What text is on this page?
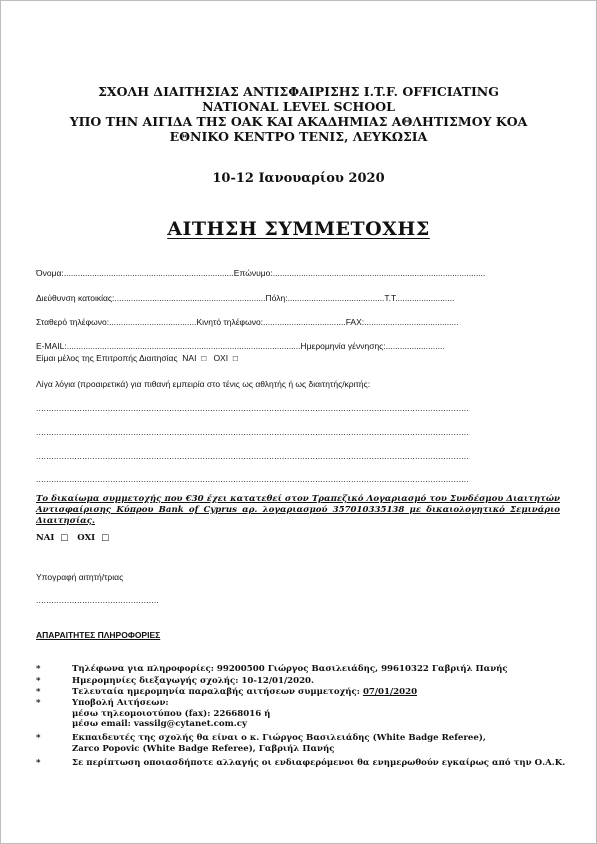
ΣΧΟΛΗ ΔΙΑΙΤΗΣΙΑΣ ΑΝΤΙΣΦΑΙΡΙΣΗΣ I.T.F. OFFICIATING
NATIONAL LEVEL SCHOOL
ΥΠΟ ΤΗΝ ΑΙΓΙΔΑ ΤΗΣ ΟΑΚ ΚΑΙ ΑΚΑΔΗΜΙΑΣ ΑΘΛΗΤΙΣΜΟΥ ΚΟΑ
ΕΘΝΙΚΟ ΚΕΝΤΡΟ ΤΕΝΙΣ, ΛΕΥΚΩΣΙΑ
10-12 Ιανουαρίου 2020
ΑΙΤΗΣΗ ΣΥΜΜΕΤΟΧΗΣ
Όνομα:........................................................................Επώνυμο:..........................................................................................
Διεύθυνση κατοικίας:................................................................Πόλη:.........................................Τ.Τ.........................
Σταθερό τηλέφωνο:.....................................Κινητό τηλέφωνο:...................................FAX:........................................
E-MAIL:...................................................................................................Ημερομηνία γέννησης:.........................
Είμαι μέλος της Επιτροπής Διαιτησίας ΝΑΙ □ ΟΧΙ □
Λίγα λόγια (προαιρετικά) για πιθανή εμπειρία στο τένις ως αθλητής ή ως διαιτητής/κριτής:
.........................................................................................................................................................................
.........................................................................................................................................................................
.........................................................................................................................................................................
.........................................................................................................................................................................
Το δικαίωμα συμμετοχής που €30 έχει κατατεθεί στον Τραπεζικό Λογαριασμό του Συνδέσμου Διαιτητών Αντισφαίρισης Κύπρου Bank of Cyprus αρ. λογαριασμού 357010335138 με δικαιολογητικό Σεμινάριο Διαιτησίας.
ΝΑΙ □ ΟΧΙ □
Υπογραφή αιτητή/τριας
................................................
ΑΠΑΡΑΙΤΗΤΕΣ ΠΛΗΡΟΦΟΡΙΕΣ
*	Τηλέφωνα για πληροφορίες: 99200500 Γιώργος Βασιλειάδης, 99610322 Γαβριήλ Πανής
*	Ημερομηνίες διεξαγωγής σχολής: 10-12/01/2020.
*	Τελευταία ημερομηνία παραλαβής αιτήσεων συμμετοχής: 07/01/2020
*	Υποβολή Αιτήσεων:
μέσω τηλεομοιοτύπου (fax): 22668016 ή
μέσω email: vassilg@cytanet.com.cy
*	Εκπαιδευτές της σχολής θα είναι ο κ. Γιώργος Βασιλειάδης (White Badge Referee),
Zarco Popovic (White Badge Referee), Γαβριήλ Πανής
*	Σε περίπτωση οποιασδήποτε αλλαγής οι ενδιαφερόμενοι θα ενημερωθούν εγκαίρως από την Ο.Α.Κ.
